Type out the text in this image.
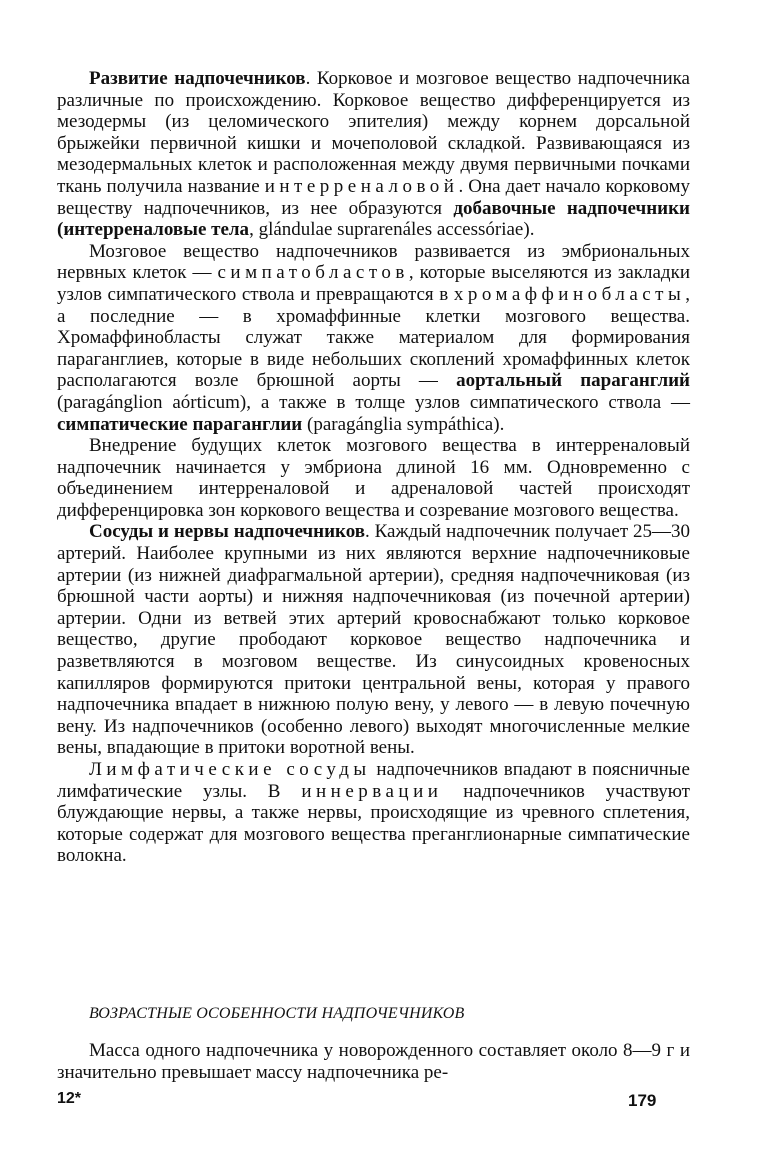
Развитие надпочечников. Корковое и мозговое вещество надпочечника различные по происхождению. Корковое вещество дифференцируется из мезодермы (из целомического эпителия) между корнем дорсальной брыжейки первичной кишки и мочеполовой складкой. Развивающаяся из мезодермальных клеток и расположенная между двумя первичными почками ткань получила название интерреналовой. Она дает начало корковому веществу надпочечников, из нее образуются добавочные надпочечники (интерреналовые тела, glándulae suprarenáles accessóriae).

Мозговое вещество надпочечников развивается из эмбриональных нервных клеток — симпатобластов, которые выселяются из закладки узлов симпатического ствола и превращаются в хромаффинобласты, а последние — в хромаффинные клетки мозгового вещества. Хромаффинобласты служат также материалом для формирования параганглиев, которые в виде небольших скоплений хромаффинных клеток располагаются возле брюшной аорты — аортальный параганглий (paragánglion aórticum), а также в толще узлов симпатического ствола — симпатические параганглии (paragánglia sympáthica).

Внедрение будущих клеток мозгового вещества в интерреналовый надпочечник начинается у эмбриона длиной 16 мм. Одновременно с объединением интерреналовой и адреналовой частей происходят дифференцировка зон коркового вещества и созревание мозгового вещества.

Сосуды и нервы надпочечников. Каждый надпочечник получает 25—30 артерий. Наиболее крупными из них являются верхние надпочечниковые артерии (из нижней диафрагмальной артерии), средняя надпочечниковая (из брюшной части аорты) и нижняя надпочечниковая (из почечной артерии) артерии. Одни из ветвей этих артерий кровоснабжают только корковое вещество, другие прободают корковое вещество надпочечника и разветвляются в мозговом веществе. Из синусоидных кровеносных капилляров формируются притоки центральной вены, которая у правого надпочечника впадает в нижнюю полую вену, у левого — в левую почечную вену. Из надпочечников (особенно левого) выходят многочисленные мелкие вены, впадающие в притоки воротной вены.

Лимфатические сосуды надпочечников впадают в поясничные лимфатические узлы. В иннервации надпочечников участвуют блуждающие нервы, а также нервы, происходящие из чревного сплетения, которые содержат для мозгового вещества преганглионарные симпатические волокна.

ВОЗРАСТНЫЕ ОСОБЕННОСТИ НАДПОЧЕЧНИКОВ

Масса одного надпочечника у новорожденного составляет около 8—9 г и значительно превышает массу надпочечника ре-

12*	179
